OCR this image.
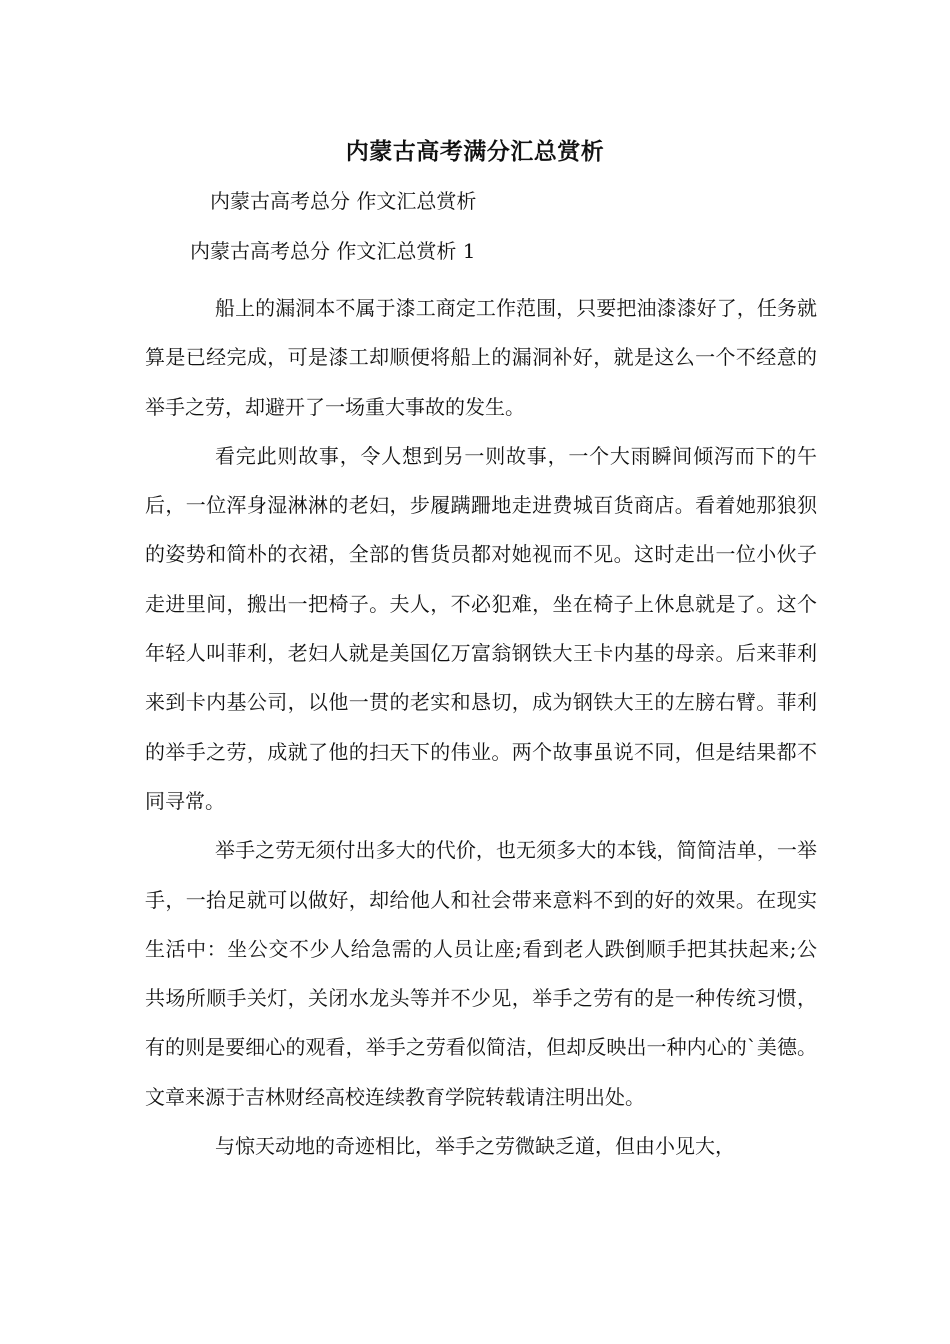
内蒙古高考满分汇总赏析
内蒙古高考总分 作文汇总赏析
内蒙古高考总分 作文汇总赏析 1

船上的漏洞本不属于漆工商定工作范围，只要把油漆漆好了，任务就算是已经完成，可是漆工却顺便将船上的漏洞补好，就是这么一个不经意的举手之劳，却避开了一场重大事故的发生。

看完此则故事，令人想到另一则故事，一个大雨瞬间倾泻而下的午后，一位浑身湿淋淋的老妇，步履蹒跚地走进费城百货商店。看着她那狼狈的姿势和简朴的衣裙，全部的售货员都对她视而不见。这时走出一位小伙子走进里间，搬出一把椅子。夫人，不必犯难，坐在椅子上休息就是了。这个年轻人叫菲利，老妇人就是美国亿万富翁钢铁大王卡内基的母亲。后来菲利来到卡内基公司，以他一贯的老实和恳切，成为钢铁大王的左膀右臂。菲利的举手之劳，成就了他的扫天下的伟业。两个故事虽说不同，但是结果都不同寻常。

举手之劳无须付出多大的代价，也无须多大的本钱，简简洁单，一举手，一抬足就可以做好，却给他人和社会带来意料不到的好的效果。在现实生活中：坐公交不少人给急需的人员让座;看到老人跌倒顺手把其扶起来;公共场所顺手关灯，关闭水龙头等并不少见，举手之劳有的是一种传统习惯，有的则是要细心的观看，举手之劳看似简洁，但却反映出一种内心的`美德。文章来源于吉林财经高校连续教育学院转载请注明出处。

与惊天动地的奇迹相比，举手之劳微缺乏道，但由小见大，
